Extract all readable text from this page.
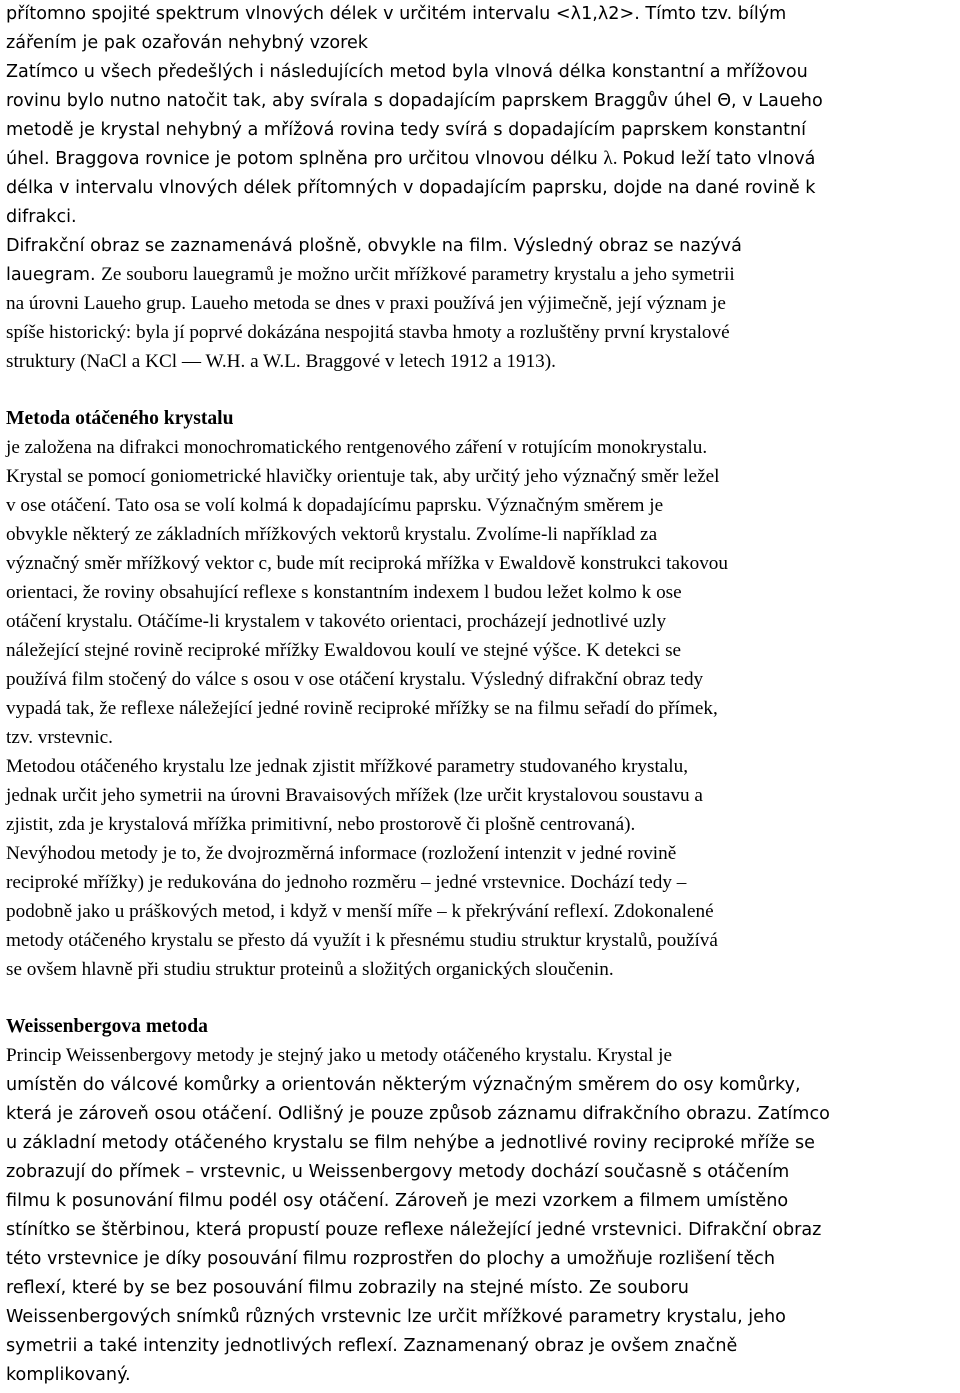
přítomno spojité spektrum vlnových délek v určitém intervalu <λ1,λ2>. Tímto tzv. bílým
zářením je pak ozařován nehybný vzorek
Zatímco u všech předešlých i následujících metod byla vlnová délka konstantní a mřížovou
rovinu bylo nutno natočit tak, aby svírala s dopadajícím paprskem Braggův úhel Θ, v Laueho
metodě je krystal nehybný a mřížová rovina tedy svírá s dopadajícím paprskem konstantní
úhel. Braggova rovnice je potom splněna pro určitou vlnovou délku λ. Pokud leží tato vlnová
délka v intervalu vlnových délek přítomných v dopadajícím paprsku, dojde na dané rovině k
difrakci.
Difrakční obraz se zaznamenává plošně, obvykle na film. Výsledný obraz se nazývá
lauegram. Ze souboru lauegramů je možno určit mřížkové parametry krystalu a jeho symetrii
na úrovni Laueho grup. Laueho metoda se dnes v praxi používá jen výjimečně, její význam je
spíše historický: byla jí poprvé dokázána nespojitá stavba hmoty a rozluštěny první krystalové
struktury (NaCl a KCl — W.H. a W.L. Braggové v letech 1912 a 1913).
Metoda otáčeného krystalu
je založena na difrakci monochromatického rentgenového záření v rotujícím monokrystalu.
Krystal se pomocí goniometrické hlavičky orientuje tak, aby určitý jeho význačný směr ležel
v ose otáčení. Tato osa se volí kolmá k dopadajícímu paprsku. Význačným směrem je
obvykle některý ze základních mřížkových vektorů krystalu. Zvolíme-li například za
význačný směr mřížkový vektor c, bude mít reciproká mřížka v Ewaldově konstrukci takovou
orientaci, že roviny obsahující reflexe s konstantním indexem l budou ležet kolmo k ose
otáčení krystalu. Otáčíme-li krystalem v takovéto orientaci, procházejí jednotlivé uzly
náležející stejné rovině reciproké mřížky Ewaldovou koulí ve stejné výšce. K detekci se
používá film stočený do válce s osou v ose otáčení krystalu. Výsledný difrakční obraz tedy
vypadá tak, že reflexe náležející jedné rovině reciproké mřížky se na filmu seřadí do přímek,
tzv. vrstevnic.
Metodou otáčeného krystalu lze jednak zjistit mřížkové parametry studovaného krystalu,
jednak určit jeho symetrii na úrovni Bravaisových mřížek (lze určit krystalovou soustavu a
zjistit, zda je krystalová mřížka primitivní, nebo prostorově či plošně centrovaná).
Nevýhodou metody je to, že dvojrozměrná informace (rozložení intenzit v jedné rovině
reciproké mřížky) je redukována do jednoho rozměru – jedné vrstevnice. Dochází tedy –
podobně jako u práškových metod, i když v menší míře – k překrývání reflexí. Zdokonalené
metody otáčeného krystalu se přesto dá využít i k přesnému studiu struktur krystalů, používá
se ovšem hlavně při studiu struktur proteinů a složitých organických sloučenin.
Weissenbergova metoda
Princip Weissenbergovy metody je stejný jako u metody otáčeného krystalu. Krystal je
umístěn do válcové komůrky a orientován některým význačným směrem do osy komůrky,
která je zároveň osou otáčení. Odlišný je pouze způsob záznamu difrakčního obrazu. Zatímco
u základní metody otáčeného krystalu se film nehýbe a jednotlivé roviny reciproké mříže se
zobrazují do přímek – vrstevnic, u Weissenbergovy metody dochází současně s otáčením
filmu k posunování filmu podél osy otáčení. Zároveň je mezi vzorkem a filmem umístěno
stínítko se štěrbinou, která propustí pouze reflexe náležející jedné vrstevnici. Difrakční obraz
této vrstevnice je díky posouvání filmu rozprostřen do plochy a umožňuje rozlišení těch
reflexí, které by se bez posouvání filmu zobrazily na stejné místo. Ze souboru
Weissenbergových snímků různých vrstevnic lze určit mřížkové parametry krystalu, jeho
symetrii a také intenzity jednotlivých reflexí. Zaznamenaný obraz je ovšem značně
komplikovaný.
